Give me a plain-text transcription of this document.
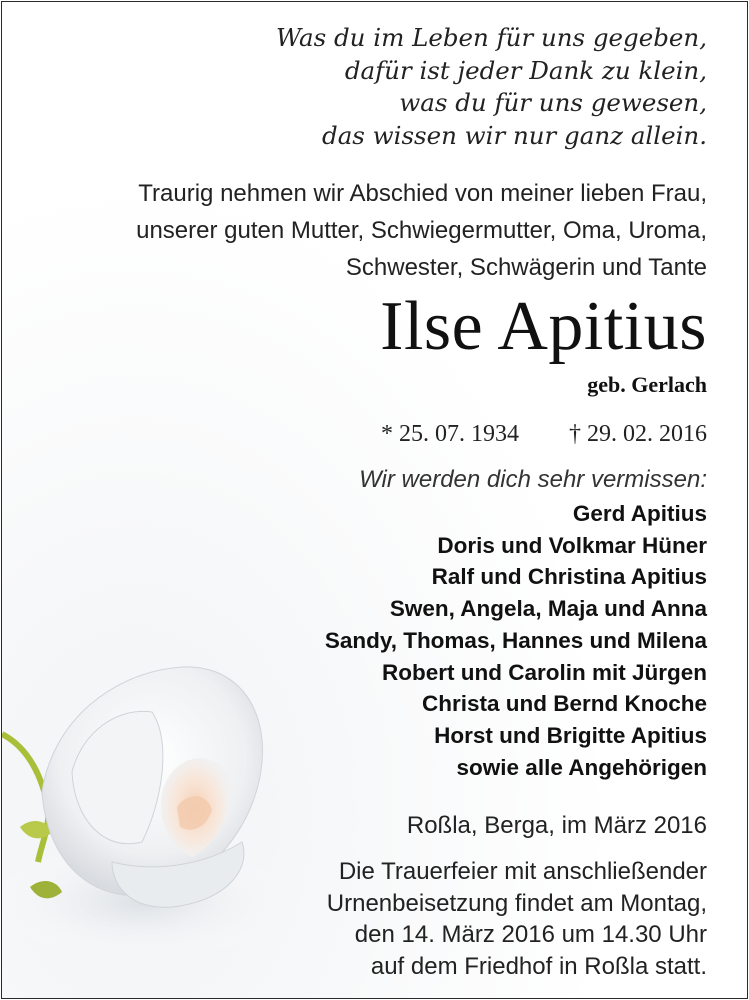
Was du im Leben für uns gegeben,
dafür ist jeder Dank zu klein,
was du für uns gewesen,
das wissen wir nur ganz allein.
Traurig nehmen wir Abschied von meiner lieben Frau,
unserer guten Mutter, Schwiegermutter, Oma, Uroma,
Schwester, Schwägerin und Tante
Ilse Apitius
geb. Gerlach
* 25. 07. 1934 † 29. 02. 2016
Wir werden dich sehr vermissen:
Gerd Apitius
Doris und Volkmar Hüner
Ralf und Christina Apitius
Swen, Angela, Maja und Anna
Sandy, Thomas, Hannes und Milena
Robert und Carolin mit Jürgen
Christa und Bernd Knoche
Horst und Brigitte Apitius
sowie alle Angehörigen
Roßla, Berga, im März 2016
Die Trauerfeier mit anschließender
Urnenbeisetzung findet am Montag,
den 14. März 2016 um 14.30 Uhr
auf dem Friedhof in Roßla statt.
